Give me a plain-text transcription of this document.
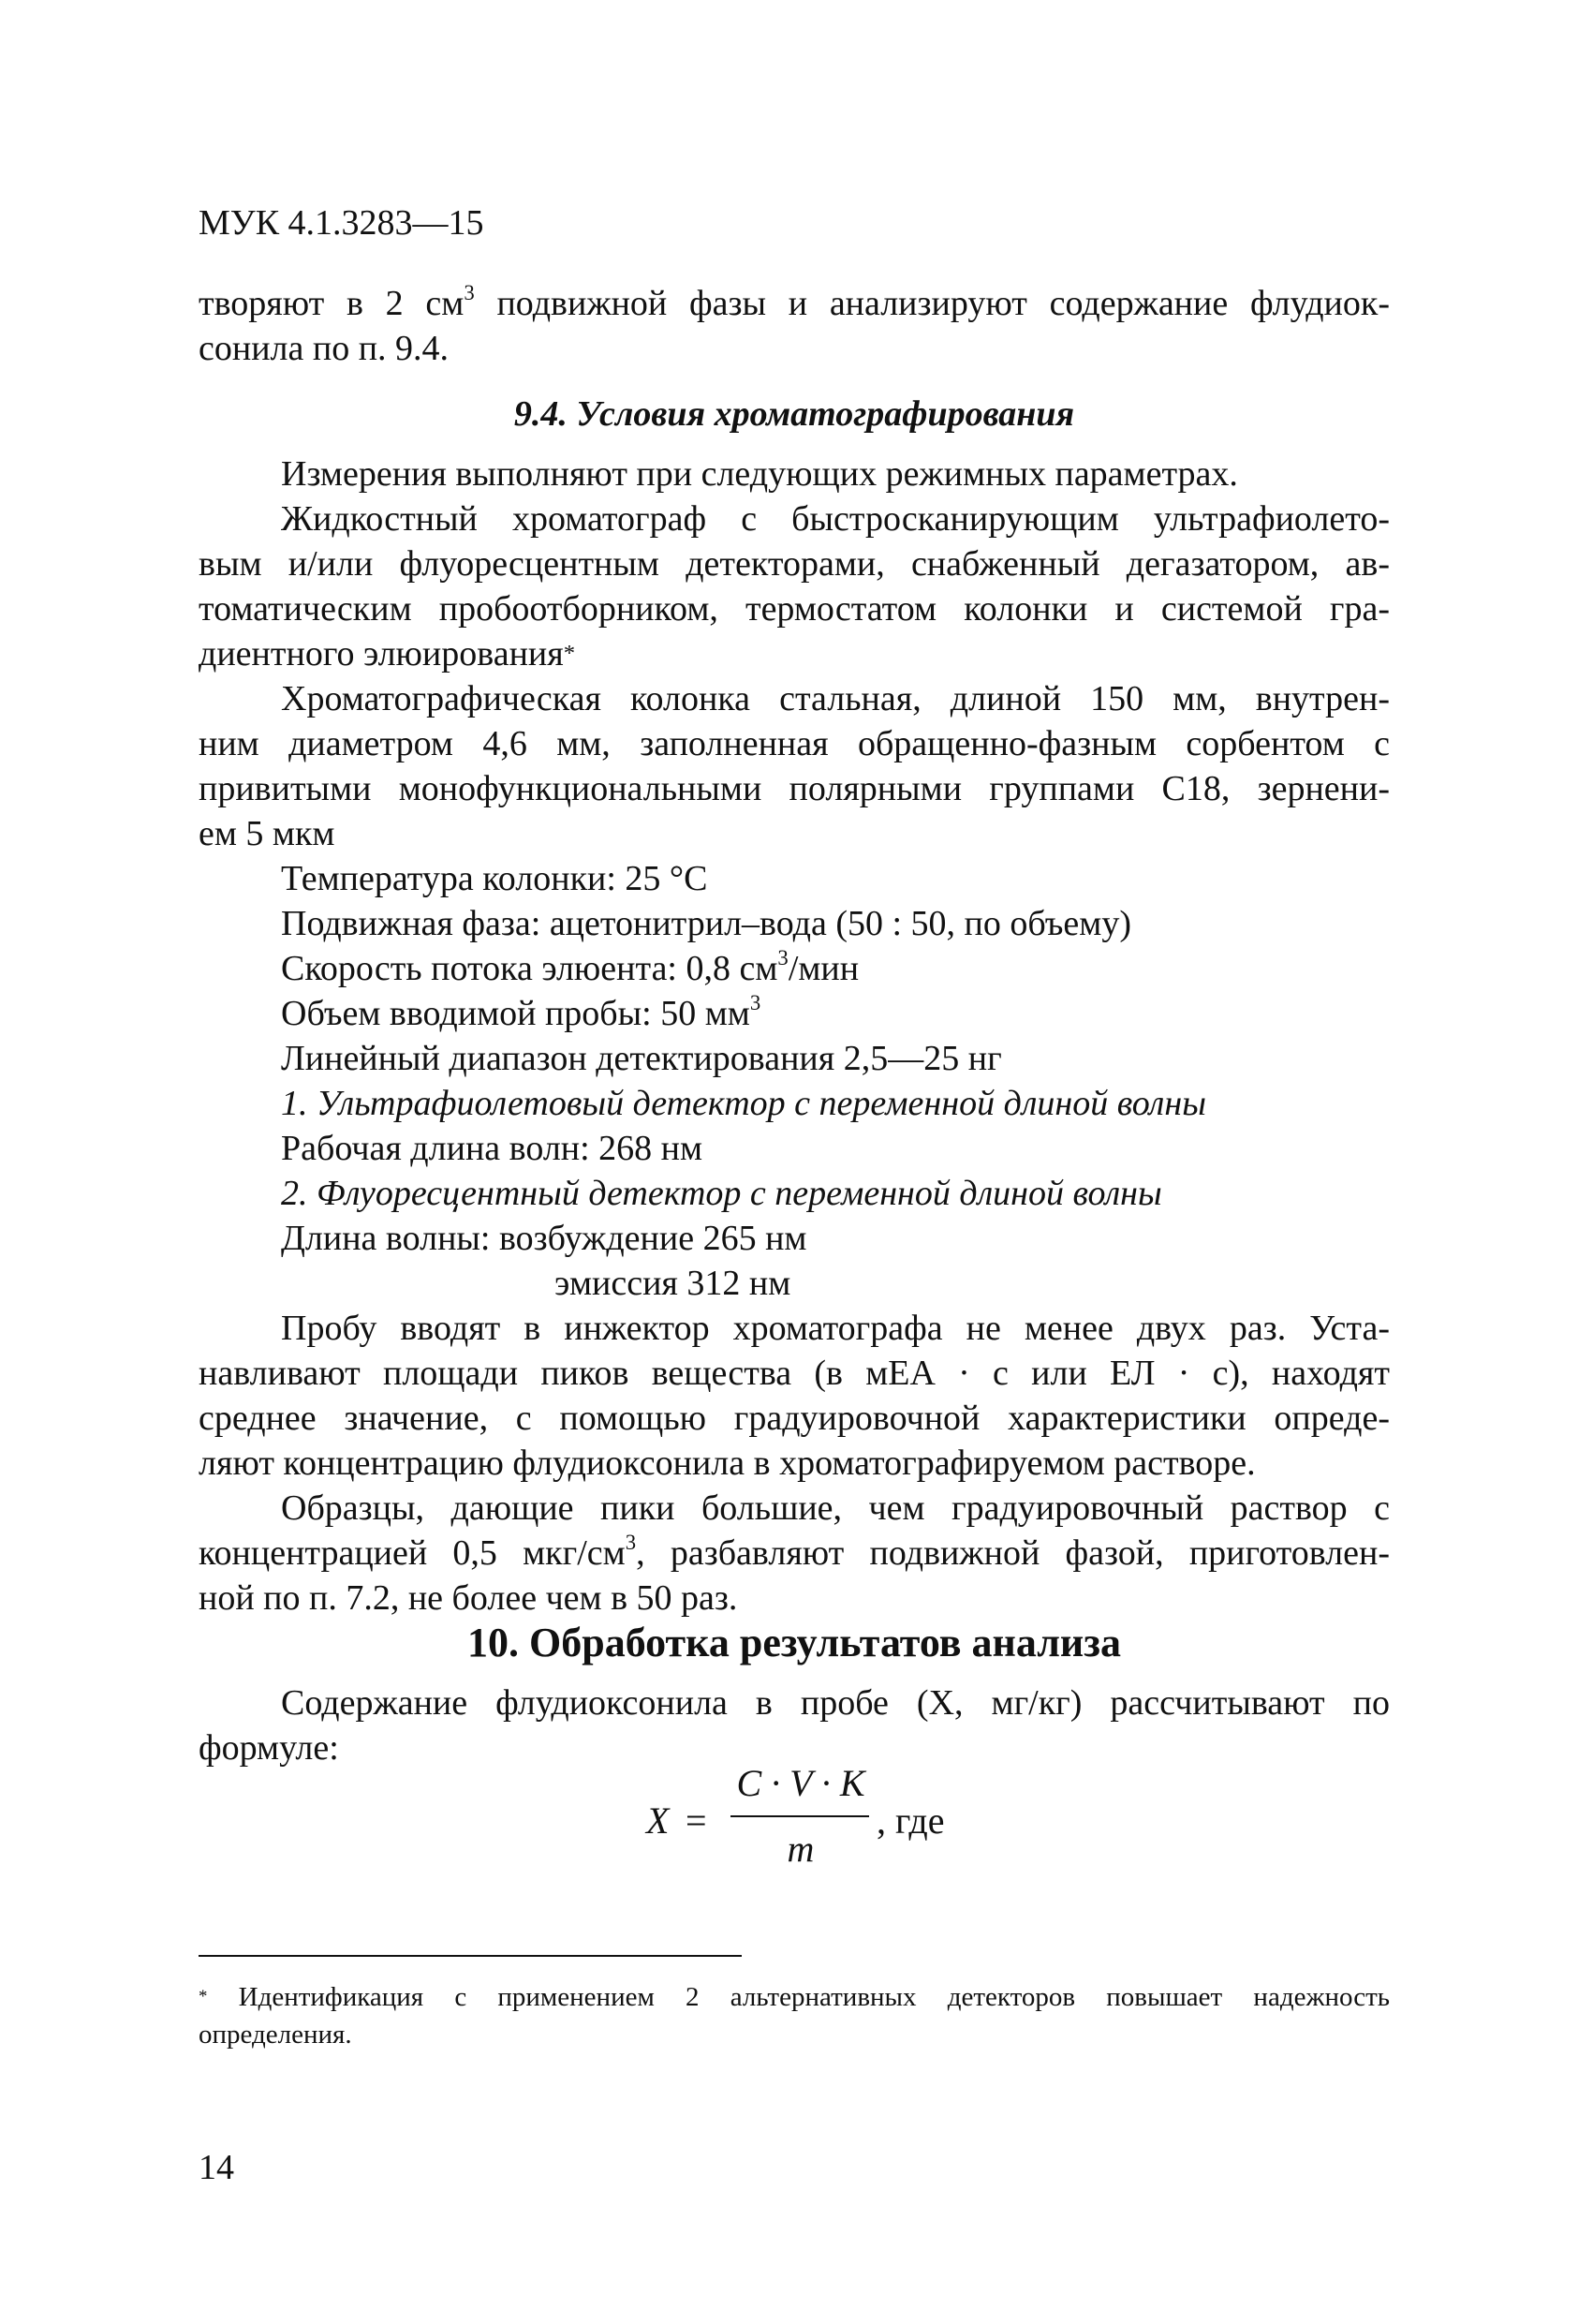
МУК 4.1.3283—15

творяют в 2 $см^3$ подвижной фазы и анализируют содержание флудиок-

сонила по п. 9.4.

9.4. Условия хроматографирования

Измерения выполняют при следующих режимных параметрах.

Жидкостный хроматограф с быстросканирующим ультрафиолето-

вым и/или флуоресцентным детекторами, снабженный дегазатором, ав-

томатическим пробоотборником, термостатом колонки и системой гра-

диентного элюирования*

Хроматографическая колонка стальная, длиной 150 мм, внутрен-

ним диаметром 4,6 мм, заполненная обращенно-фазным сорбентом с

привитыми монофункциональными полярными группами С18, зернени-

ем 5 мкм

Температура колонки: 25 °С

Подвижная фаза: ацетонитрил–вода (50 : 50, по объему)

Скорость потока элюента: 0,8 $см^3$/мин

Объем вводимой пробы: 50 $мм^3$

Линейный диапазон детектирования 2,5—25 нг

1. Ультрафиолетовый детектор с переменной длиной волны

Рабочая длина волн: 268 нм

2. Флуоресцентный детектор с переменной длиной волны

Длина волны: возбуждение 265 нм

эмиссия 312 нм

Пробу вводят в инжектор хроматографа не менее двух раз. Уста-

навливают площади пиков вещества (в мЕА · с или ЕЛ · с), находят

среднее значение, с помощью градуировочной характеристики опреде-

ляют концентрацию флудиоксонила в хроматографируемом растворе.

Образцы, дающие пики большие, чем градуировочный раствор с

концентрацией 0,5 мкг/$см^3$, разбавляют подвижной фазой, приготовлен-

ной по п. 7.2, не более чем в 50 раз.

10. Обработка результатов анализа

Содержание флудиоксонила в пробе (Х, мг/кг) рассчитывают по

формуле:

X =
C · V · K
m
, где

* Идентификация с применением 2 альтернативных детекторов повышает надежность

определения.

14
